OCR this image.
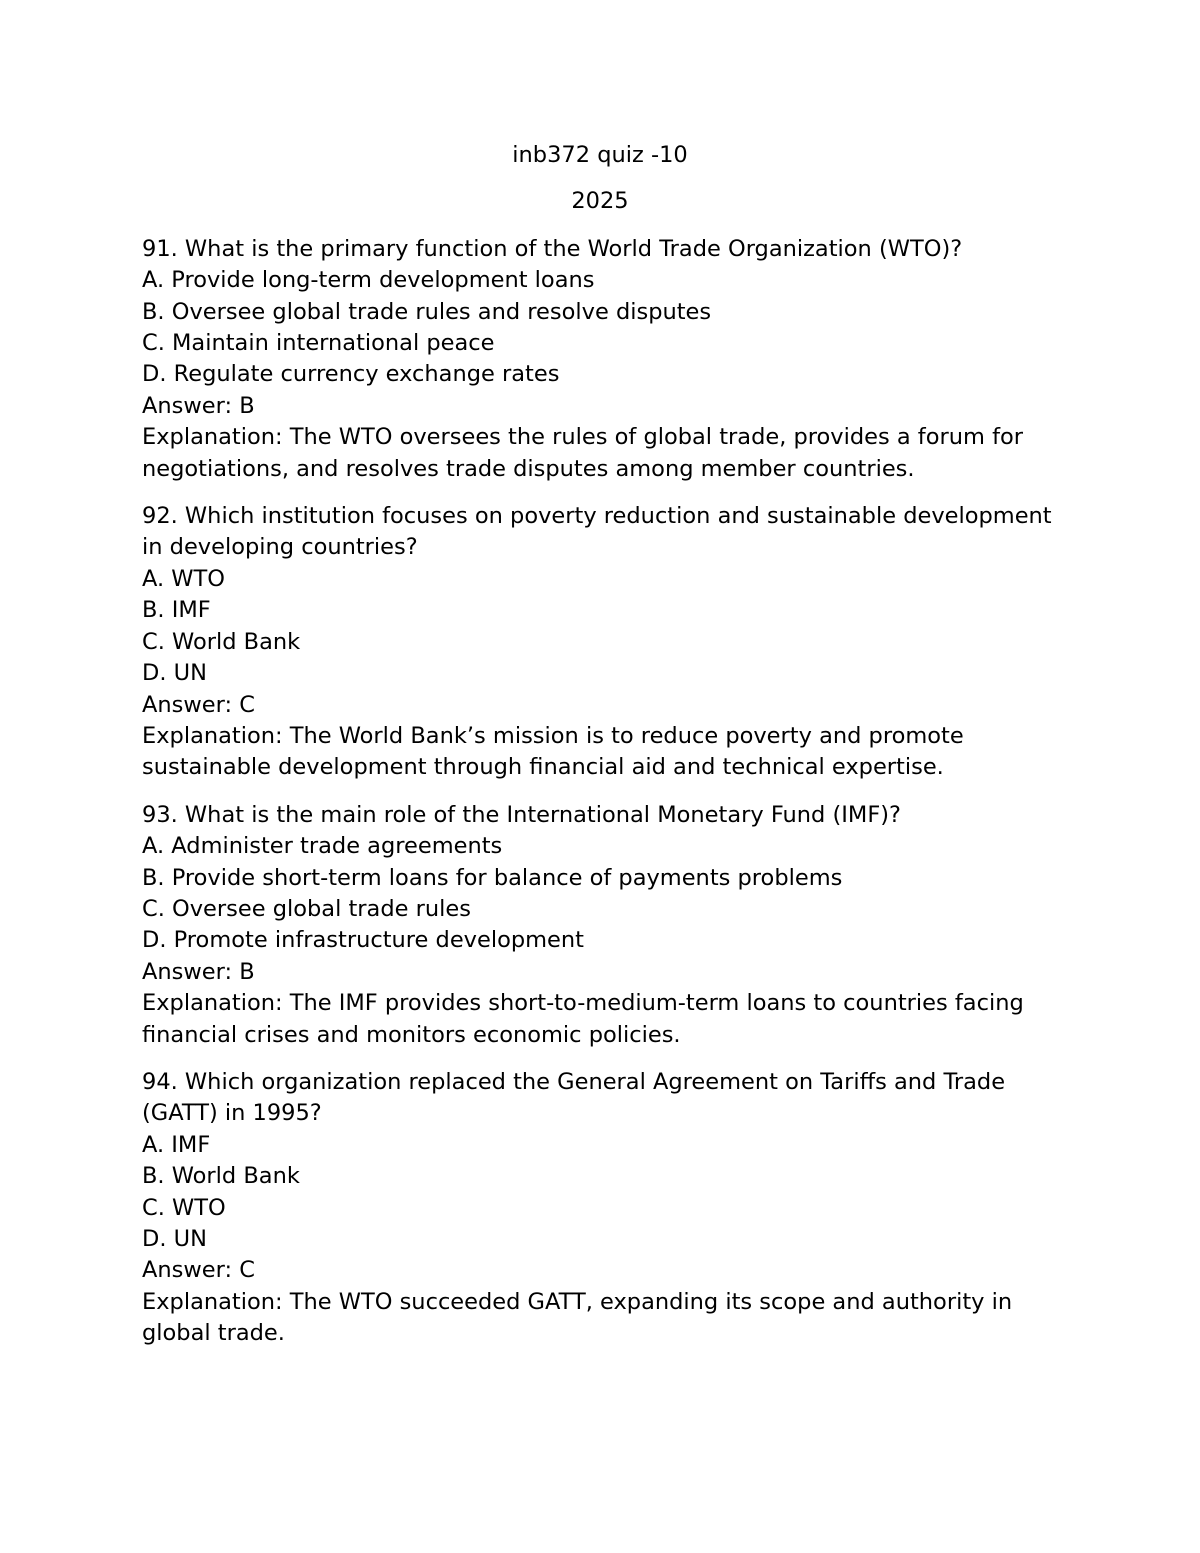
inb372 quiz -10

2025

91. What is the primary function of the World Trade Organization (WTO)?
A. Provide long-term development loans
B. Oversee global trade rules and resolve disputes
C. Maintain international peace
D. Regulate currency exchange rates
Answer: B
Explanation: The WTO oversees the rules of global trade, provides a forum for negotiations, and resolves trade disputes among member countries.
92. Which institution focuses on poverty reduction and sustainable development in developing countries?
A. WTO
B. IMF
C. World Bank
D. UN
Answer: C
Explanation: The World Bank’s mission is to reduce poverty and promote sustainable development through financial aid and technical expertise.
93. What is the main role of the International Monetary Fund (IMF)?
A. Administer trade agreements
B. Provide short-term loans for balance of payments problems
C. Oversee global trade rules
D. Promote infrastructure development
Answer: B
Explanation: The IMF provides short-to-medium-term loans to countries facing financial crises and monitors economic policies.
94. Which organization replaced the General Agreement on Tariffs and Trade (GATT) in 1995?
A. IMF
B. World Bank
C. WTO
D. UN
Answer: C
Explanation: The WTO succeeded GATT, expanding its scope and authority in global trade.
